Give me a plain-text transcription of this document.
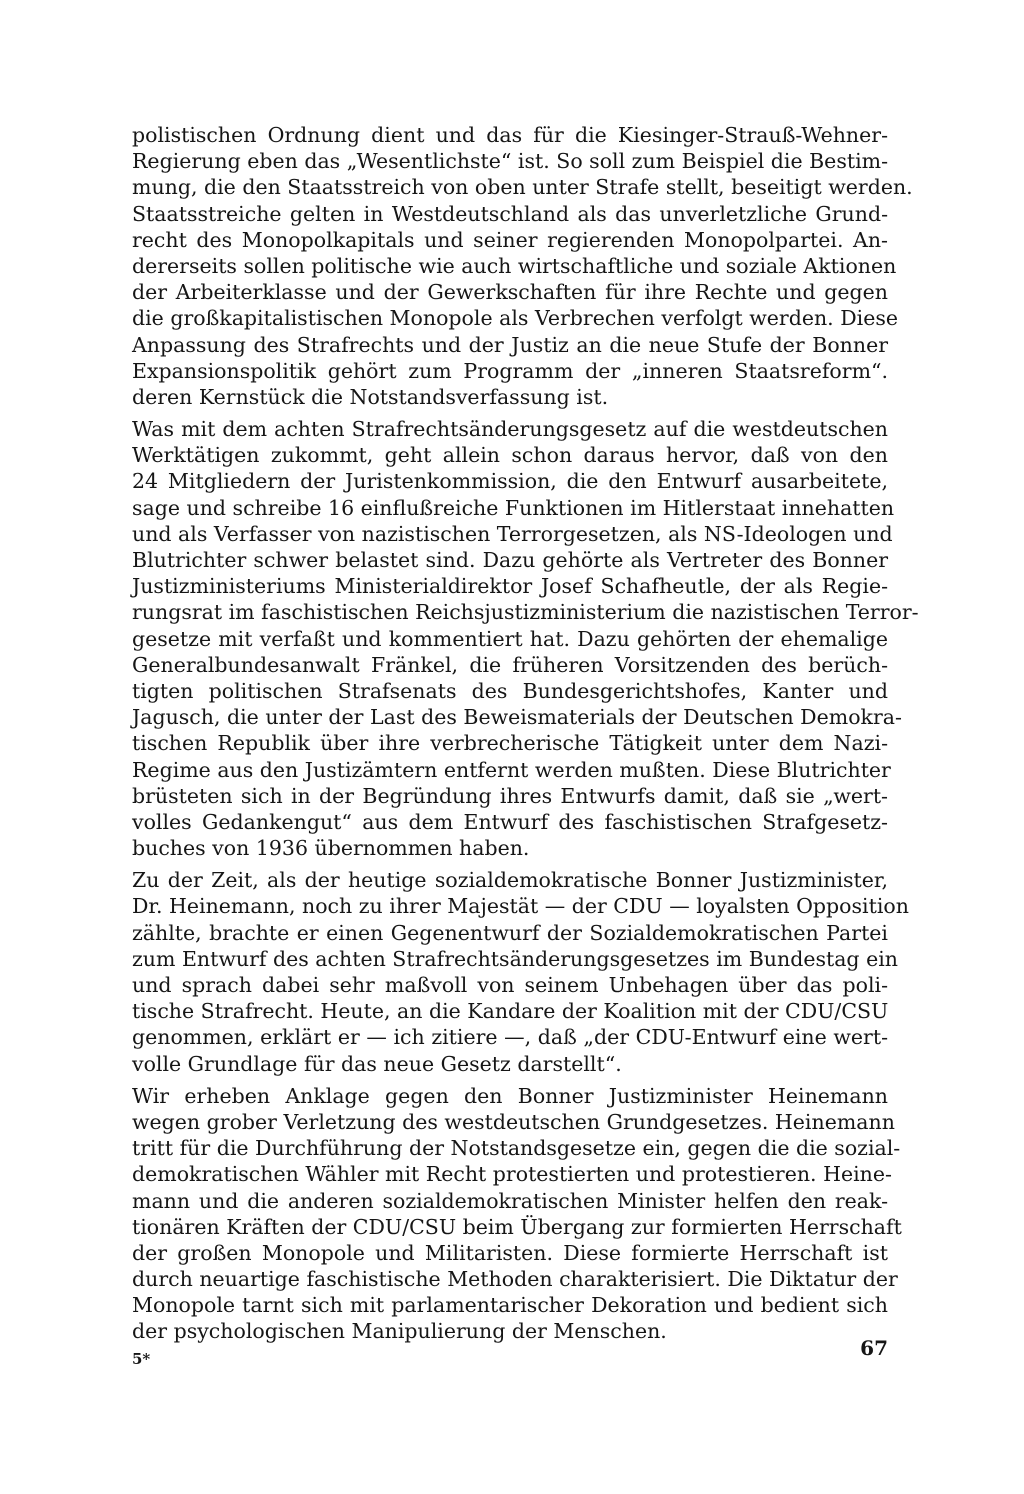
polistischen Ordnung dient und das für die Kiesinger-Strauß-Wehner-
Regierung eben das „Wesentlichste“ ist. So soll zum Beispiel die Bestim-
mung, die den Staatsstreich von oben unter Strafe stellt, beseitigt werden.
Staatsstreiche gelten in Westdeutschland als das unverletzliche Grund-
recht des Monopolkapitals und seiner regierenden Monopolpartei. An-
dererseits sollen politische wie auch wirtschaftliche und soziale Aktionen
der Arbeiterklasse und der Gewerkschaften für ihre Rechte und gegen
die großkapitalistischen Monopole als Verbrechen verfolgt werden. Diese
Anpassung des Strafrechts und der Justiz an die neue Stufe der Bonner
Expansionspolitik gehört zum Programm der „inneren Staatsreform“.
deren Kernstück die Notstandsverfassung ist.
Was mit dem achten Strafrechtsänderungsgesetz auf die westdeutschen
Werktätigen zukommt, geht allein schon daraus hervor, daß von den
24 Mitgliedern der Juristenkommission, die den Entwurf ausarbeitete,
sage und schreibe 16 einflußreiche Funktionen im Hitlerstaat innehatten
und als Verfasser von nazistischen Terrorgesetzen, als NS-Ideologen und
Blutrichter schwer belastet sind. Dazu gehörte als Vertreter des Bonner
Justizministeriums Ministerialdirektor Josef Schafheutle, der als Regie-
rungsrat im faschistischen Reichsjustizministerium die nazistischen Terror-
gesetze mit verfaßt und kommentiert hat. Dazu gehörten der ehemalige
Generalbundesanwalt Fränkel, die früheren Vorsitzenden des berüch-
tigten politischen Strafsenats des Bundesgerichtshofes, Kanter und
Jagusch, die unter der Last des Beweismaterials der Deutschen Demokra-
tischen Republik über ihre verbrecherische Tätigkeit unter dem Nazi-
Regime aus den Justizämtern entfernt werden mußten. Diese Blutrichter
brüsteten sich in der Begründung ihres Entwurfs damit, daß sie „wert-
volles Gedankengut“ aus dem Entwurf des faschistischen Strafgesetz-
buches von 1936 übernommen haben.
Zu der Zeit, als der heutige sozialdemokratische Bonner Justizminister,
Dr. Heinemann, noch zu ihrer Majestät — der CDU — loyalsten Opposition
zählte, brachte er einen Gegenentwurf der Sozialdemokratischen Partei
zum Entwurf des achten Strafrechtsänderungsgesetzes im Bundestag ein
und sprach dabei sehr maßvoll von seinem Unbehagen über das poli-
tische Strafrecht. Heute, an die Kandare der Koalition mit der CDU/CSU
genommen, erklärt er — ich zitiere —, daß „der CDU-Entwurf eine wert-
volle Grundlage für das neue Gesetz darstellt“.
Wir erheben Anklage gegen den Bonner Justizminister Heinemann
wegen grober Verletzung des westdeutschen Grundgesetzes. Heinemann
tritt für die Durchführung der Notstandsgesetze ein, gegen die die sozial-
demokratischen Wähler mit Recht protestierten und protestieren. Heine-
mann und die anderen sozialdemokratischen Minister helfen den reak-
tionären Kräften der CDU/CSU beim Übergang zur formierten Herrschaft
der großen Monopole und Militaristen. Diese formierte Herrschaft ist
durch neuartige faschistische Methoden charakterisiert. Die Diktatur der
Monopole tarnt sich mit parlamentarischer Dekoration und bedient sich
der psychologischen Manipulierung der Menschen.
5*	67
